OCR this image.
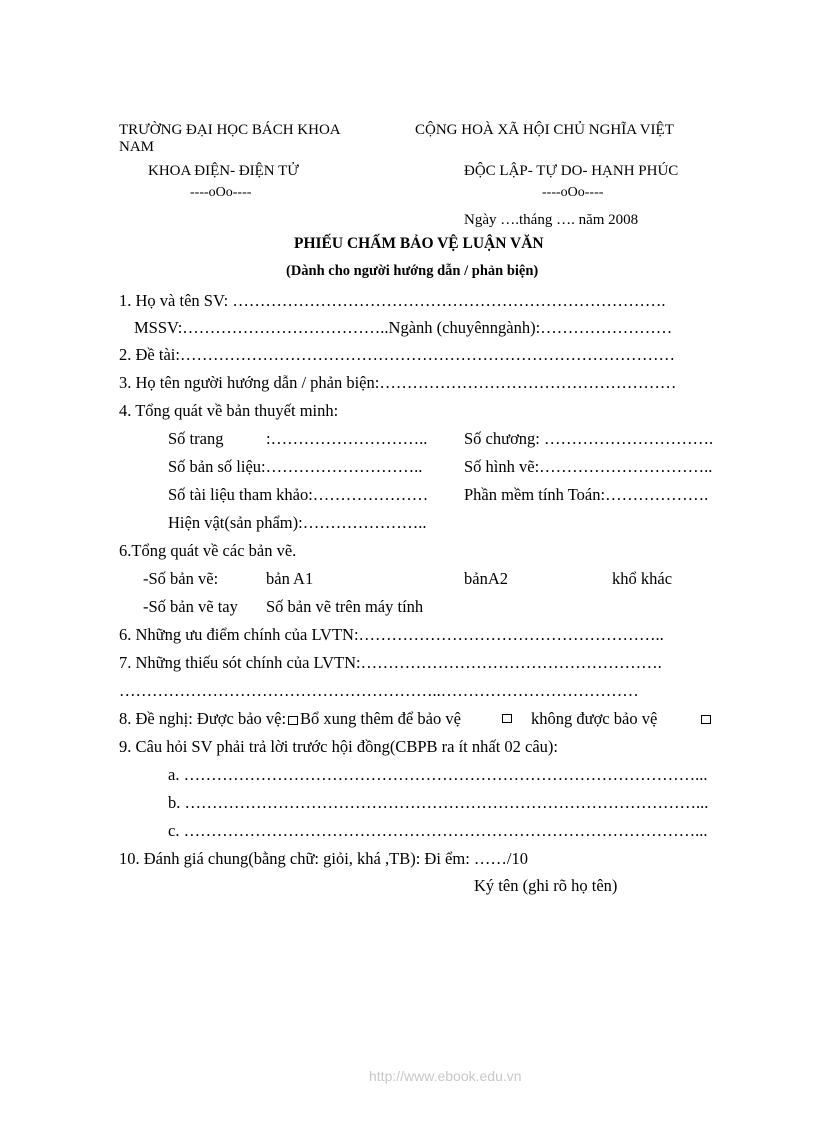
TRƯỜNG ĐẠI HỌC BÁCH KHOA	CỘNG HOÀ XÃ HỘI CHỦ NGHĨA VIỆT
NAM
KHOA ĐIỆN- ĐIỆN TỬ	ĐỘC LẬP- TỰ DO- HẠNH PHÚC
----oOo----	----oOo----
Ngày ….tháng …. năm 2008
PHIẾU CHẤM BẢO VỆ LUẬN VĂN
(Dành cho người hướng dẫn / phản biện)
1. Họ và tên SV: …………………………………………………………………….
MSSV:………………………………..Ngành (chuyênngành):……………………
2. Đề tài:………………………………………………………………………………
3. Họ tên người hướng dẫn / phản biện:………………………………………………
4. Tổng quát về bản thuyết minh:
Số trang	:……………………….. Số chương: ………………………….
Số bản số liệu:………………………..	Số hình vẽ:…………………………..
Số tài liệu tham khảo:………………… Phần mềm tính Toán:……………….
Hiện vật(sản phẩm):…………………..
6.Tổng quát về các bản vẽ.
-Số bản vẽ:	bản A1	bảnA2	khổ khác
-Số bản vẽ tay Số bản vẽ trên máy tính
6. Những ưu điểm chính của LVTN:………………………………………………..
7. Những thiếu sót chính của LVTN:……………………………………………….
…………………………………………………..………………………………
8. Đề nghị: Được bảo vệ: Bổ xung thêm để bảo vệ	không được bảo vệ
9. Câu hỏi SV phải trả lời trước hội đồng(CBPB ra ít nhất 02 câu):
a. …………………………………………………………………………………...
b. …………………………………………………………………………………...
c. …………………………………………………………………………………...
10. Đánh giá chung(bằng chữ: giỏi, khá ,TB): Đi ểm: ……/10
Ký tên (ghi rõ họ tên)
http://www.ebook.edu.vn
